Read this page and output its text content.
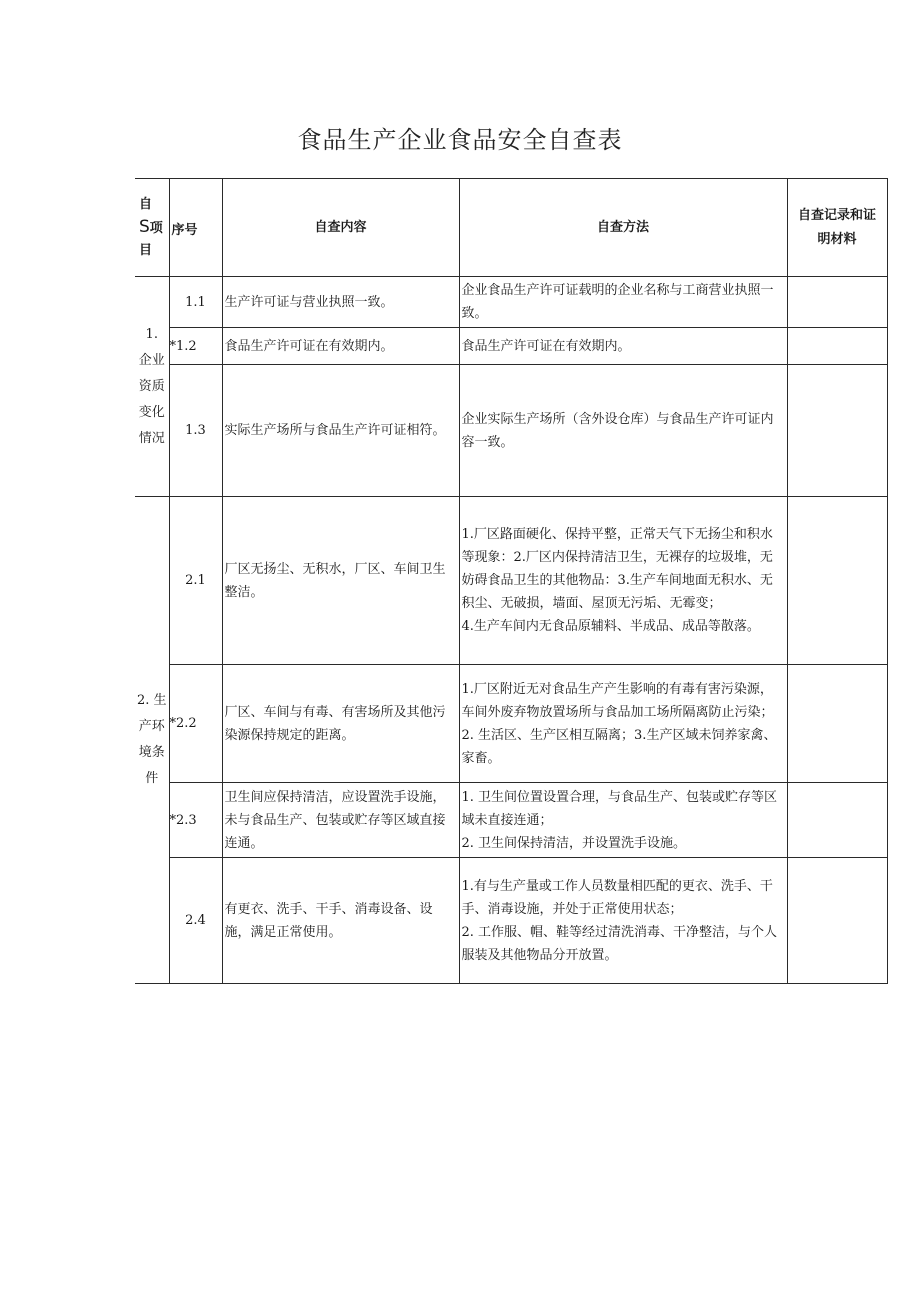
食品生产企业食品安全自查表
自
S项
目	序号	自查内容	自查方法	自查记录和证
明材料

1.
企业
资质
变化
情况	1.1	生产许可证与营业执照一致。	企业食品生产许可证载明的企业名称与工商营业执照一致。	
	*1.2	食品生产许可证在有效期内。	食品生产许可证在有效期内。	
	1.3	实际生产场所与食品生产许可证相符。	企业实际生产场所（含外设仓库）与食品生产许可证内容一致。	

2. 生
产环
境条
件	2.1	厂区无扬尘、无积水，厂区、车间卫生整洁。	1.厂区路面硬化、保持平整，正常天气下无扬尘和积水等现象：2.厂区内保持清洁卫生，无裸存的垃圾堆，无妨碍食品卫生的其他物品：3.生产车间地面无积水、无积尘、无破损，墙面、屋顶无污垢、无霉变；
4.生产车间内无食品原辅料、半成品、成品等散落。	

	*2.2	厂区、车间与有毒、有害场所及其他污染源保持规定的距离。	1.厂区附近无对食品生产产生影响的有毒有害污染源，车间外废弃物放置场所与食品加工场所隔离防止污染；
2. 生活区、生产区相互隔离；3.生产区域未饲养家禽、家畜。	

	*2.3	卫生间应保持清洁，应设置洗手设施，未与食品生产、包装或贮存等区域直接连通。	1. 卫生间位置设置合理，与食品生产、包装或贮存等区域未直接连通；
2. 卫生间保持清洁，并设置洗手设施。	

	2.4	有更衣、洗手、干手、消毒设备、设施，满足正常使用。	1.有与生产量或工作人员数量相匹配的更衣、洗手、干手、消毒设施，并处于正常使用状态；
2. 工作服、帽、鞋等经过清洗消毒、干净整洁，与个人服装及其他物品分开放置。	
